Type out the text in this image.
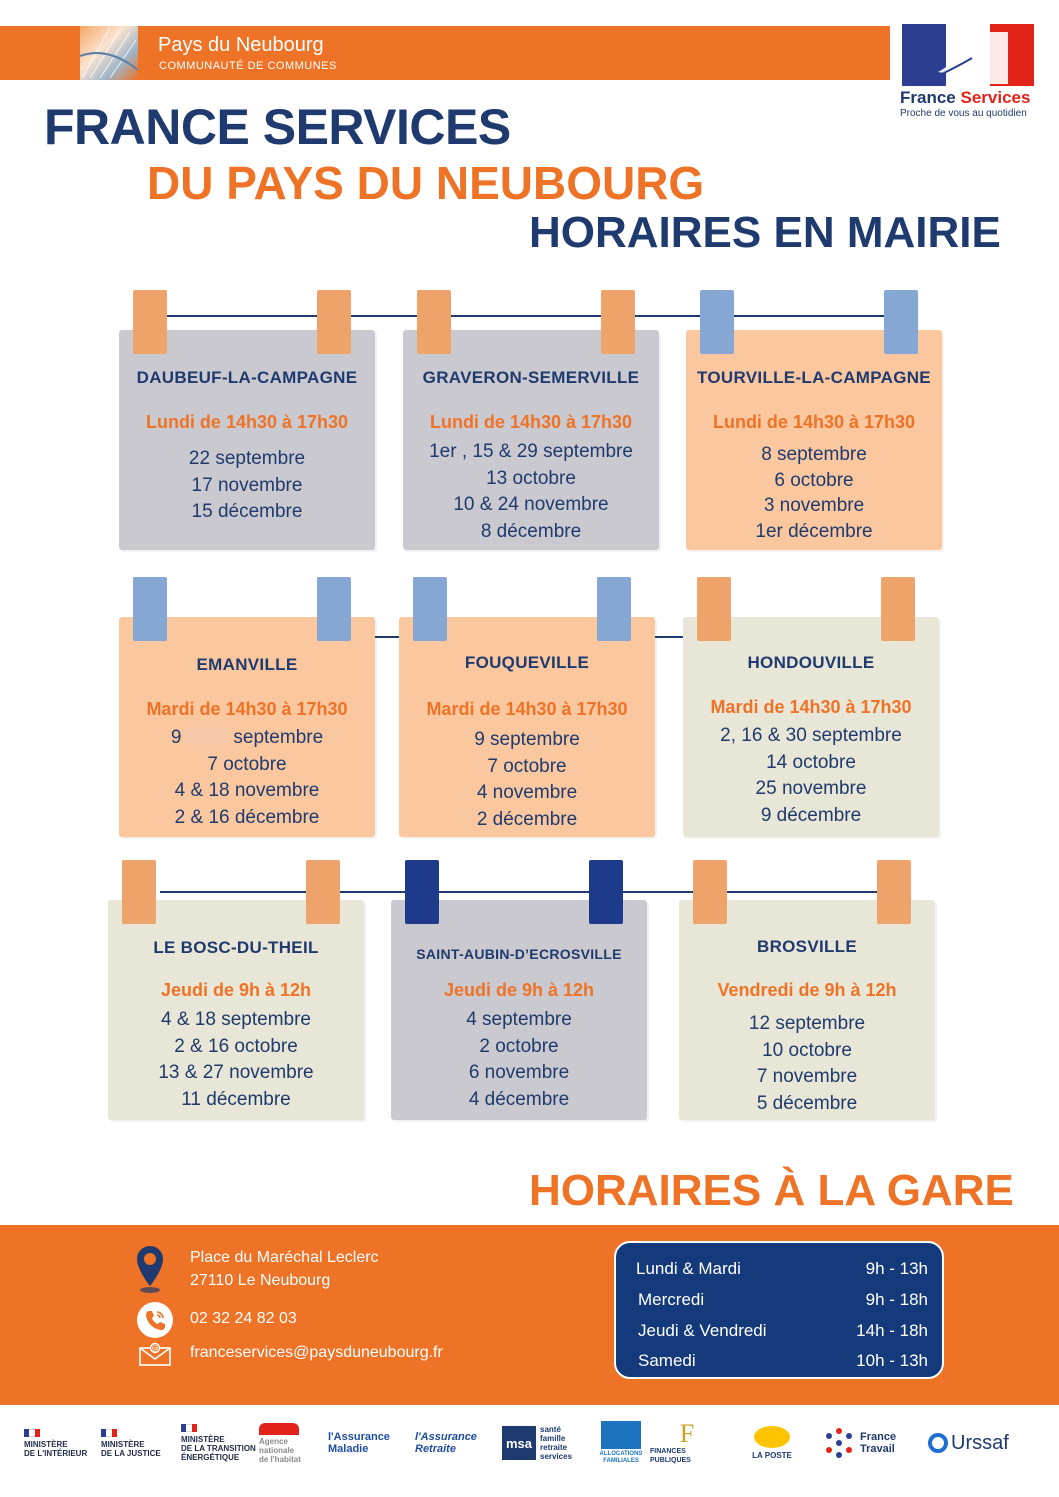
Pays du Neubourg
COMMUNAUTÉ DE COMMUNES
France Services
Proche de vous au quotidien
FRANCE SERVICES
DU PAYS DU NEUBOURG
HORAIRES EN MAIRIE
DAUBEUF-LA-CAMPAGNE
Lundi de 14h30 à 17h30
22 septembre
17 novembre
15 décembre
GRAVERON-SEMERVILLE
Lundi de 14h30 à 17h30
1er , 15 & 29 septembre
13 octobre
10 & 24 novembre
8 décembre
TOURVILLE-LA-CAMPAGNE
Lundi de 14h30 à 17h30
8 septembre
6 octobre
3 novembre
1er décembre
EMANVILLE
Mardi de 14h30 à 17h30
9	septembre
7 octobre
4 & 18 novembre
2 & 16 décembre
FOUQUEVILLE
Mardi de 14h30 à 17h30
9 septembre
7 octobre
4 novembre
2 décembre
HONDOUVILLE
Mardi de 14h30 à 17h30
2, 16 & 30 septembre
14 octobre
25 novembre
9 décembre
LE BOSC-DU-THEIL
Jeudi de 9h à 12h
4 & 18 septembre
2 & 16 octobre
13 & 27 novembre
11 décembre
SAINT-AUBIN-D’ECROSVILLE
Jeudi de 9h à 12h
4 septembre
2 octobre
6 novembre
4 décembre
BROSVILLE
Vendredi de 9h à 12h
12 septembre
10 octobre
7 novembre
5 décembre
HORAIRES À LA GARE
Place du Maréchal Leclerc
27110 Le Neubourg
02 32 24 82 03
@ franceservices@paysduneubourg.fr
Lundi & Mardi	9h - 13h
Mercredi	9h - 18h
Jeudi & Vendredi	14h - 18h
Samedi	10h - 13h
MINISTÈRE
DE L'INTÉRIEUR
MINISTÈRE
DE LA JUSTICE
MINISTÈRE
DE LA TRANSITION
ÉNERGÉTIQUE
Agence
nationale
de l'habitat
l'Assurance
Maladie
l'Assurance
Retraite	msa
santé
famille
retraite
services	ALLOCATIONS
FAMILIALES
F
FINANCES PUBLIQUES
LA POSTE
France
Travail	Urssaf
